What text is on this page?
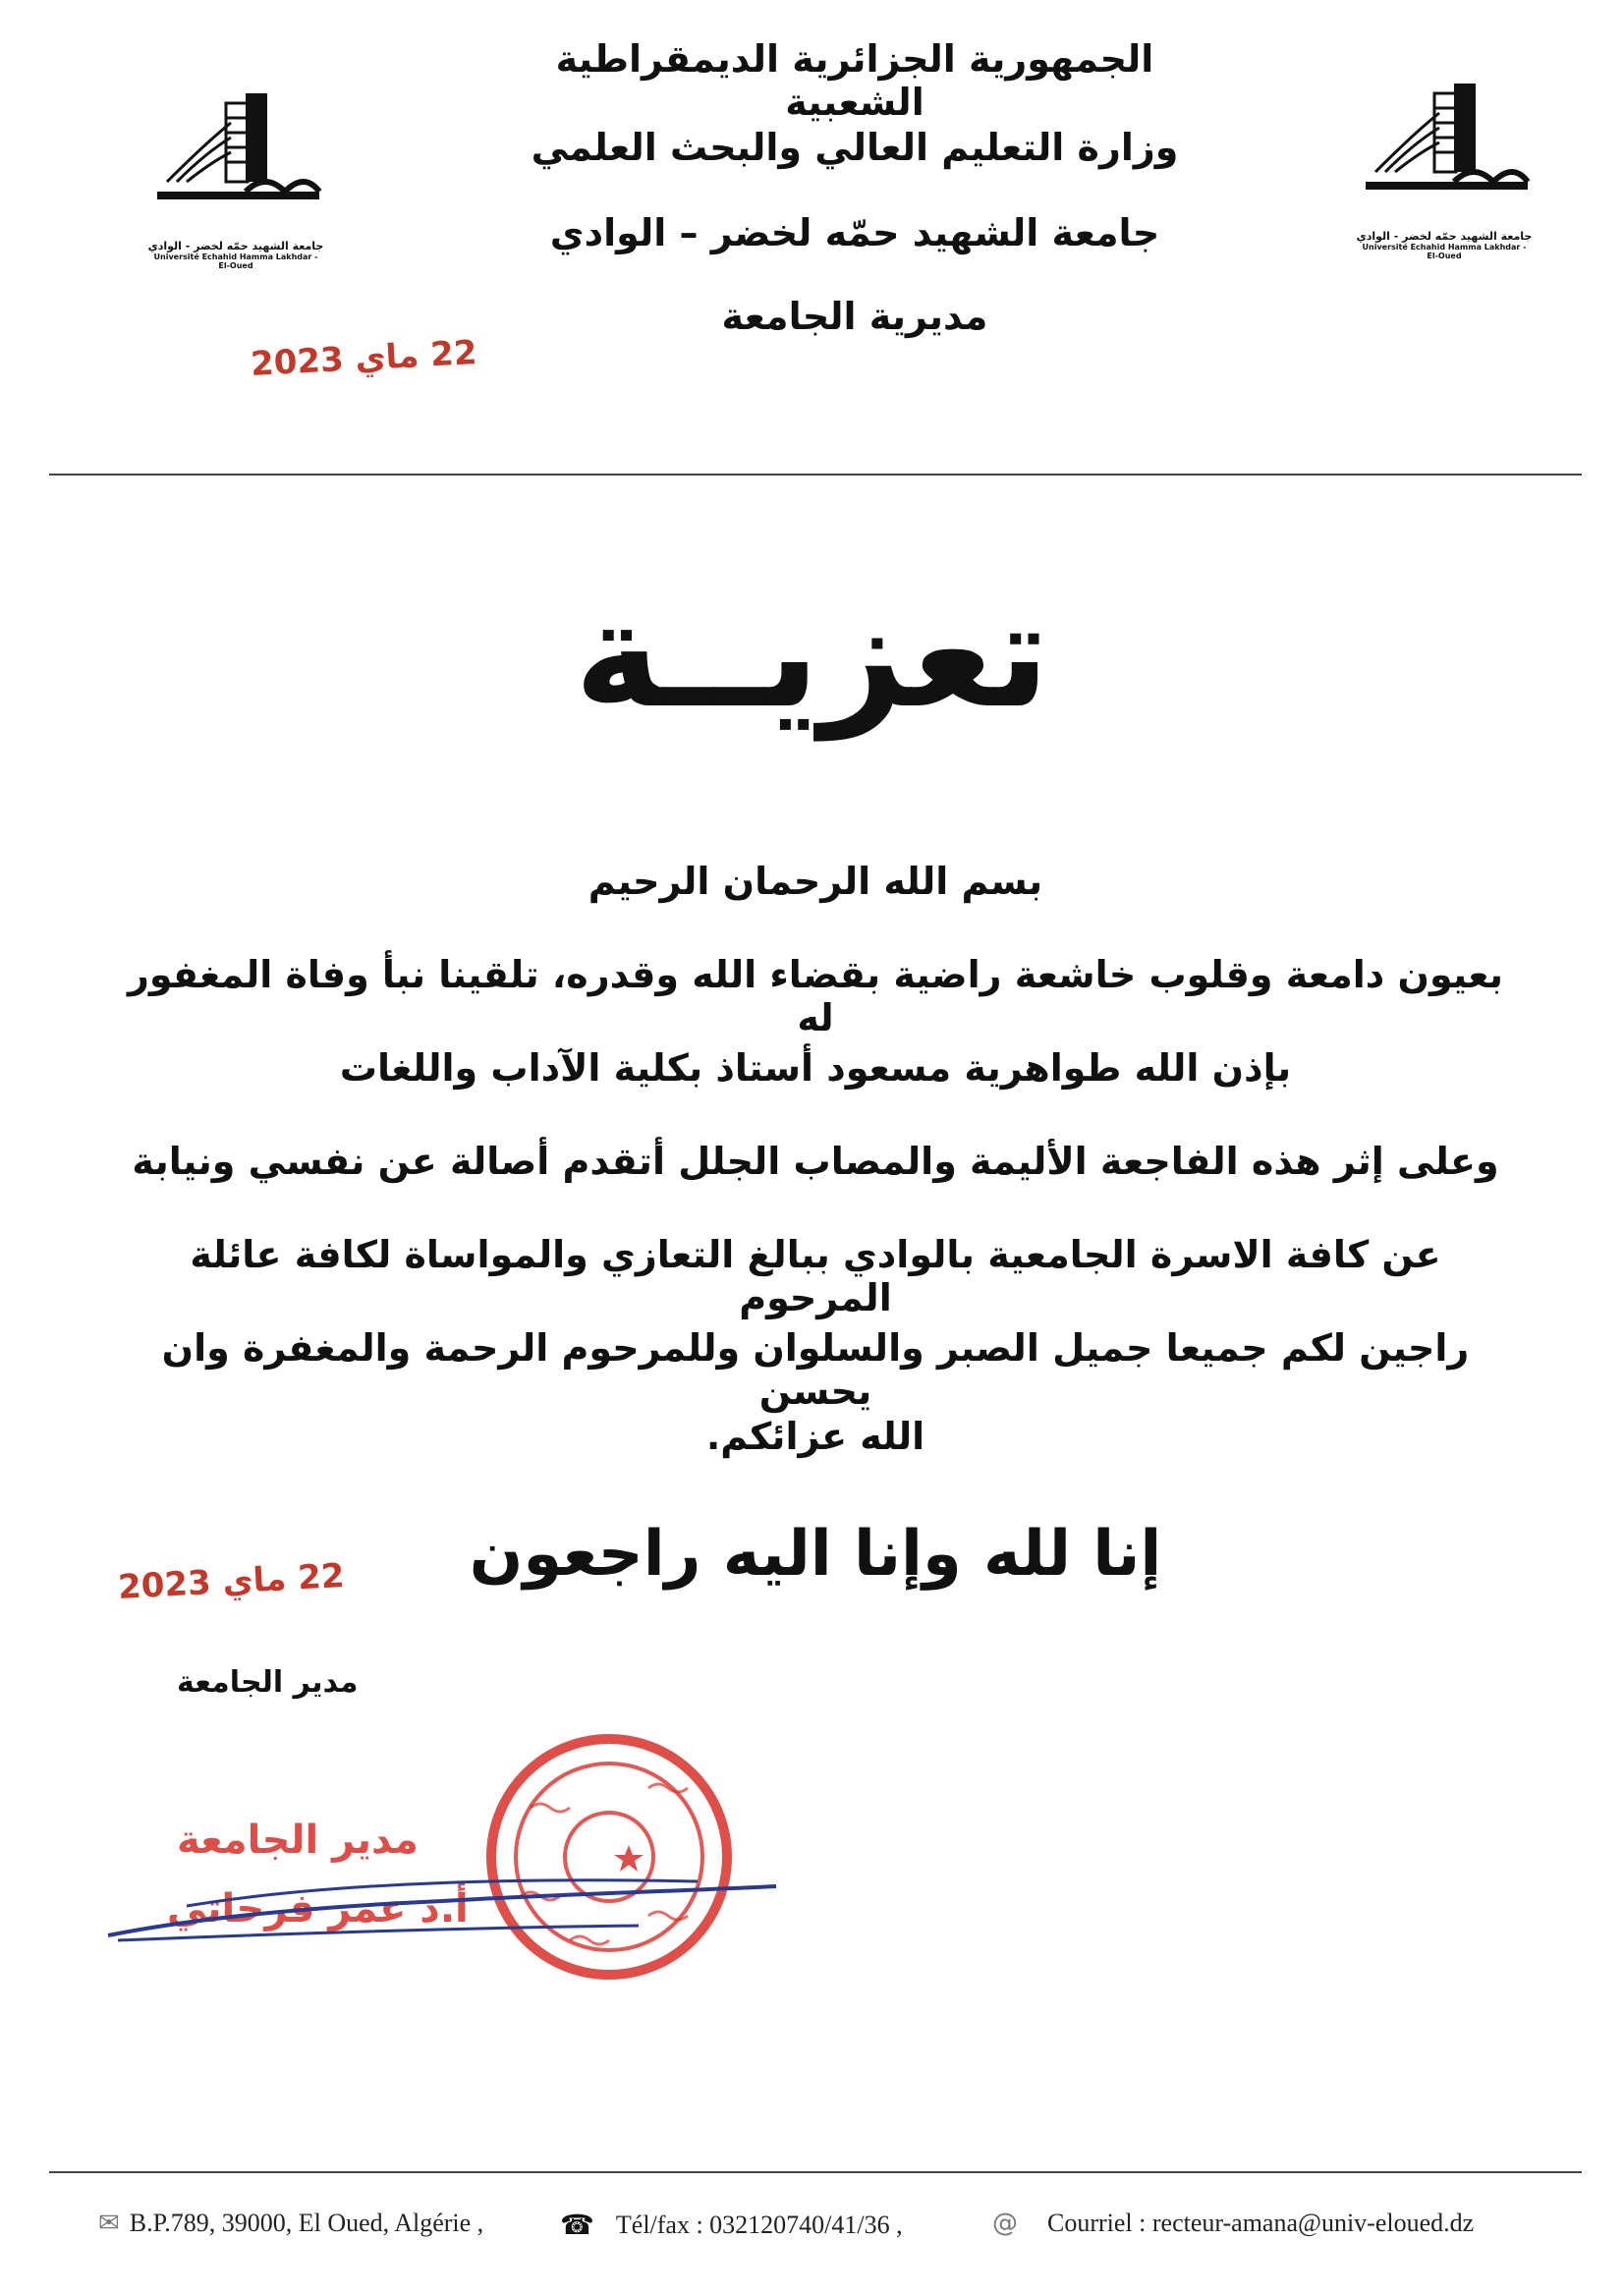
جامعة الشهيد حمّه لخضر - الوادي
Université Echahid Hamma Lakhdar - El-Oued
جامعة الشهيد حمّه لخضر - الوادي
Université Echahid Hamma Lakhdar - El-Oued
الجمهورية الجزائرية الديمقراطية الشعبية
وزارة التعليم العالي والبحث العلمي
جامعة الشهيد حمّه لخضر – الوادي
مديرية الجامعة
22 ماي 2023
تعزيــة
بسم الله الرحمان الرحيم
بعيون دامعة وقلوب خاشعة راضية بقضاء الله وقدره، تلقينا نبأ وفاة المغفور له
بإذن الله طواهرية مسعود أستاذ بكلية الآداب واللغات
وعلى إثر هذه الفاجعة الأليمة والمصاب الجلل أتقدم أصالة عن نفسي ونيابة
عن كافة الاسرة الجامعية بالوادي ببالغ التعازي والمواساة لكافة عائلة المرحوم
راجين لكم جميعا جميل الصبر والسلوان وللمرحوم الرحمة والمغفرة وان يحسن
الله عزائكم.
إنا لله وإنا اليه راجعون
22 ماي 2023
مدير الجامعة
مدير الجامعة
أ.د عمر فرحاتي
✉ B.P.789, 39000, El Oued, Algérie ,	☎ Tél/fax : 032120740/41/36 ,	@ Courriel : recteur-amana@univ-eloued.dz
